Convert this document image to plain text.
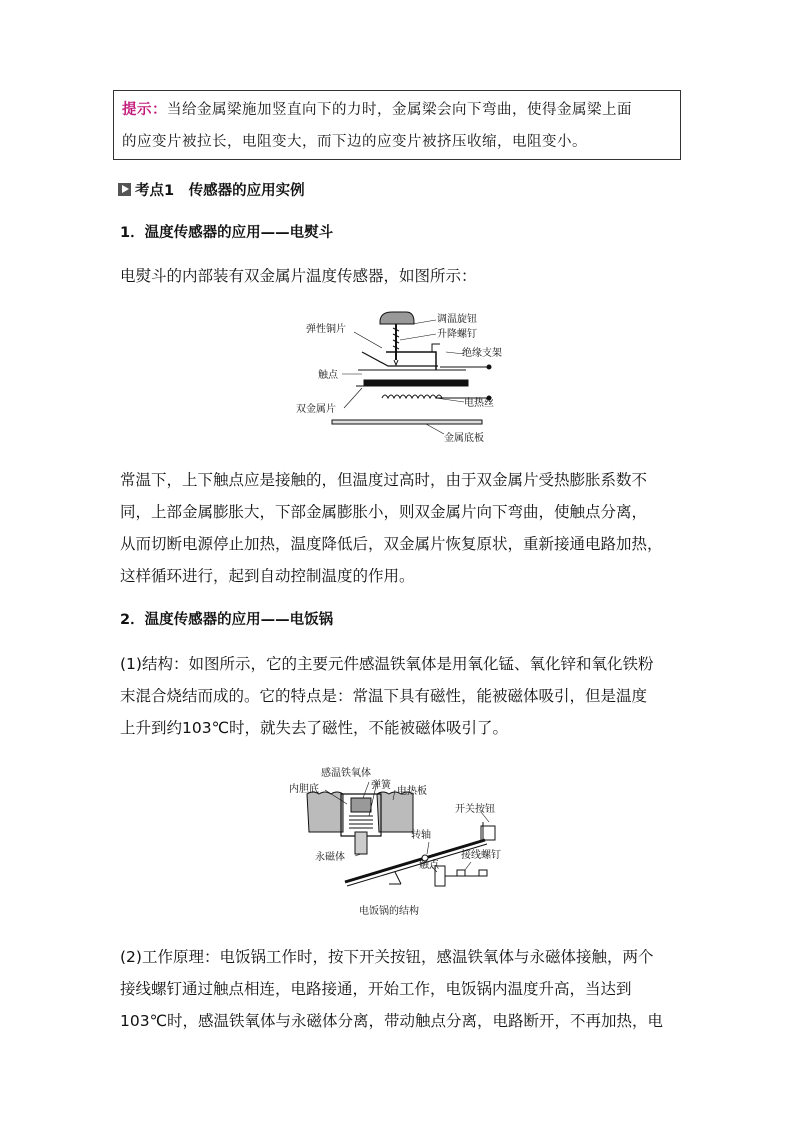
提示：当给金属梁施加竖直向下的力时，金属梁会向下弯曲，使得金属梁上面
的应变片被拉长，电阻变大，而下边的应变片被挤压收缩，电阻变小。
考点1　传感器的应用实例
1．温度传感器的应用——电熨斗
电熨斗的内部装有双金属片温度传感器，如图所示：
调温旋钮
升降螺钉
弹性铜片
绝缘支架
触点
双金属片
电热丝
金属底板
常温下，上下触点应是接触的，但温度过高时，由于双金属片受热膨胀系数不
同，上部金属膨胀大，下部金属膨胀小，则双金属片向下弯曲，使触点分离，
从而切断电源停止加热，温度降低后，双金属片恢复原状，重新接通电路加热，
这样循环进行，起到自动控制温度的作用。
2．温度传感器的应用——电饭锅
(1)结构：如图所示，它的主要元件感温铁氧体是用氧化锰、氧化锌和氧化铁粉
末混合烧结而成的。它的特点是：常温下具有磁性，能被磁体吸引，但是温度
上升到约103℃时，就失去了磁性，不能被磁体吸引了。
感温铁氧体
内胆底	弹簧
电热板
开关按钮
转轴
永磁体
触点
接线螺钉
电饭锅的结构
(2)工作原理：电饭锅工作时，按下开关按钮，感温铁氧体与永磁体接触，两个
接线螺钉通过触点相连，电路接通，开始工作，电饭锅内温度升高，当达到
103℃时，感温铁氧体与永磁体分离，带动触点分离，电路断开，不再加热，电
